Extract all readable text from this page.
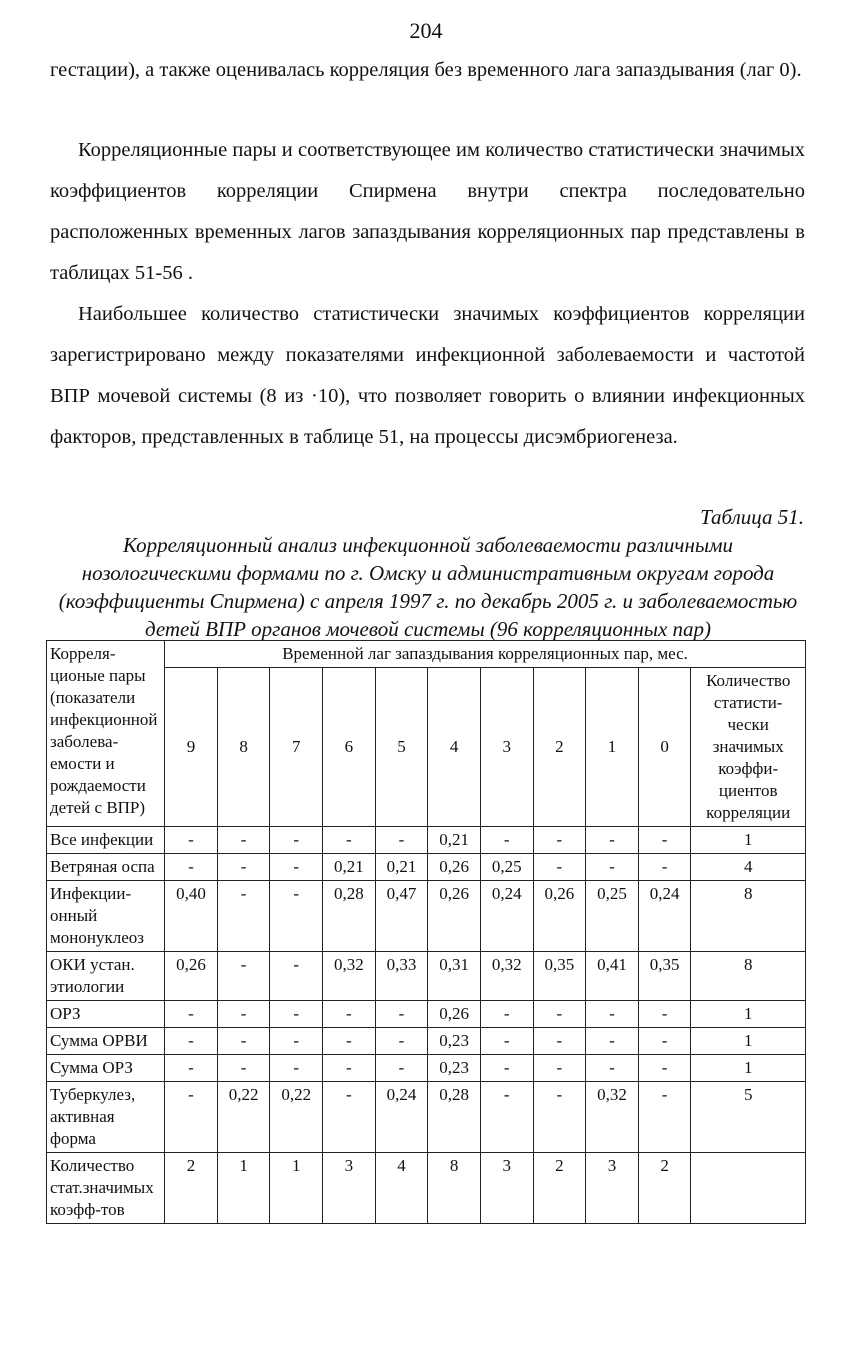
204

гестации), а также оценивалась корреляция без временного лага запаздывания (лаг 0).

Корреляционные пары и соответствующее им количество статистически значимых коэффициентов корреляции Спирмена внутри спектра последовательно расположенных временных лагов запаздывания корреляционных пар представлены в таблицах 51-56 .

Наибольшее количество статистически значимых коэффициентов корреляции зарегистрировано между показателями инфекционной заболеваемости и частотой ВПР мочевой системы (8 из ·10), что позволяет говорить о влиянии инфекционных факторов, представленных в таблице 51, на процессы дисэмбриогенеза.

Таблица 51.
Корреляционный анализ инфекционной заболеваемости различными нозологическими формами по г. Омску и административным округам города (коэффициенты Спирмена) с апреля 1997 г. по декабрь 2005 г. и заболеваемостью детей ВПР органов мочевой системы (96 корреляционных пар)
Корреля-ционые пары (показатели инфекционной заболева-емости и рождаемости детей с ВПР)	Временной лаг запаздывания корреляционных пар, мес.										
	9	8	7	6	5	4	3	2	1	0	Количество статисти-чески значимых коэффи-циентов корреляции
Все инфекции	-	-	-	-	-	0,21	-	-	-	-	1
Ветряная оспа	-	-	-	0,21	0,21	0,26	0,25	-	-	-	4
Инфекции-онный мононуклеоз	0,40	-	-	0,28	0,47	0,26	0,24	0,26	0,25	0,24	8
ОКИ устан. этиологии	0,26	-	-	0,32	0,33	0,31	0,32	0,35	0,41	0,35	8
ОРЗ	-	-	-	-	-	0,26	-	-	-	-	1
Сумма ОРВИ	-	-	-	-	-	0,23	-	-	-	-	1
Сумма ОРЗ	-	-	-	-	-	0,23	-	-	-	-	1
Туберкулез, активная форма	-	0,22	0,22	-	0,24	0,28	-	-	0,32	-	5
Количество стат.значимых коэфф-тов	2	1	1	3	4	8	3	2	3	2	
